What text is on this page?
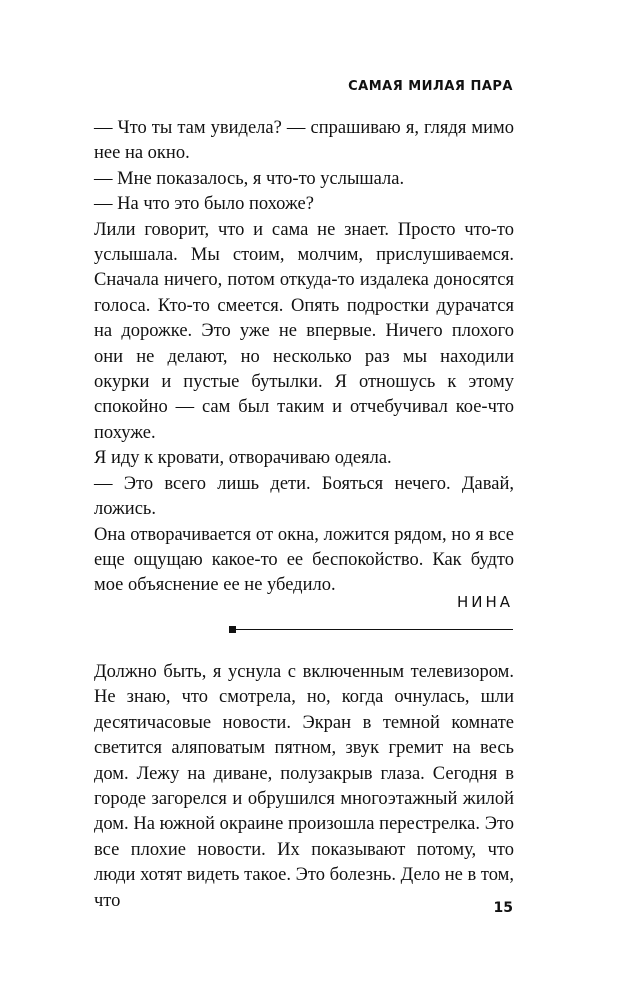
САМАЯ МИЛАЯ ПАРА

— Что ты там увидела? — спрашиваю я, глядя мимо нее на окно.

— Мне показалось, я что-то услышала.

— На что это было похоже?

Лили говорит, что и сама не знает. Просто что-то услышала. Мы стоим, молчим, прислушиваемся. Сначала ничего, потом откуда-то издалека доносятся голоса. Кто-то смеется. Опять подростки дурачатся на дорожке. Это уже не впервые. Ничего плохого они не делают, но несколько раз мы находили окурки и пустые бутылки. Я отношусь к этому спокойно — сам был таким и отчебучивал кое-что похуже.

Я иду к кровати, отворачиваю одеяла.

— Это всего лишь дети. Бояться нечего. Давай, ложись.

Она отворачивается от окна, ложится рядом, но я все еще ощущаю какое-то ее беспокойство. Как будто мое объяснение ее не убедило.

НИНА

Должно быть, я уснула с включенным телевизором. Не знаю, что смотрела, но, когда очнулась, шли десятичасовые новости. Экран в темной комнате светится аляповатым пятном, звук гремит на весь дом. Лежу на диване, полузакрыв глаза. Сегодня в городе загорелся и обрушился многоэтажный жилой дом. На южной окраине произошла перестрелка. Это все плохие новости. Их показывают потому, что люди хотят видеть такое. Это болезнь. Дело не в том, что	15
